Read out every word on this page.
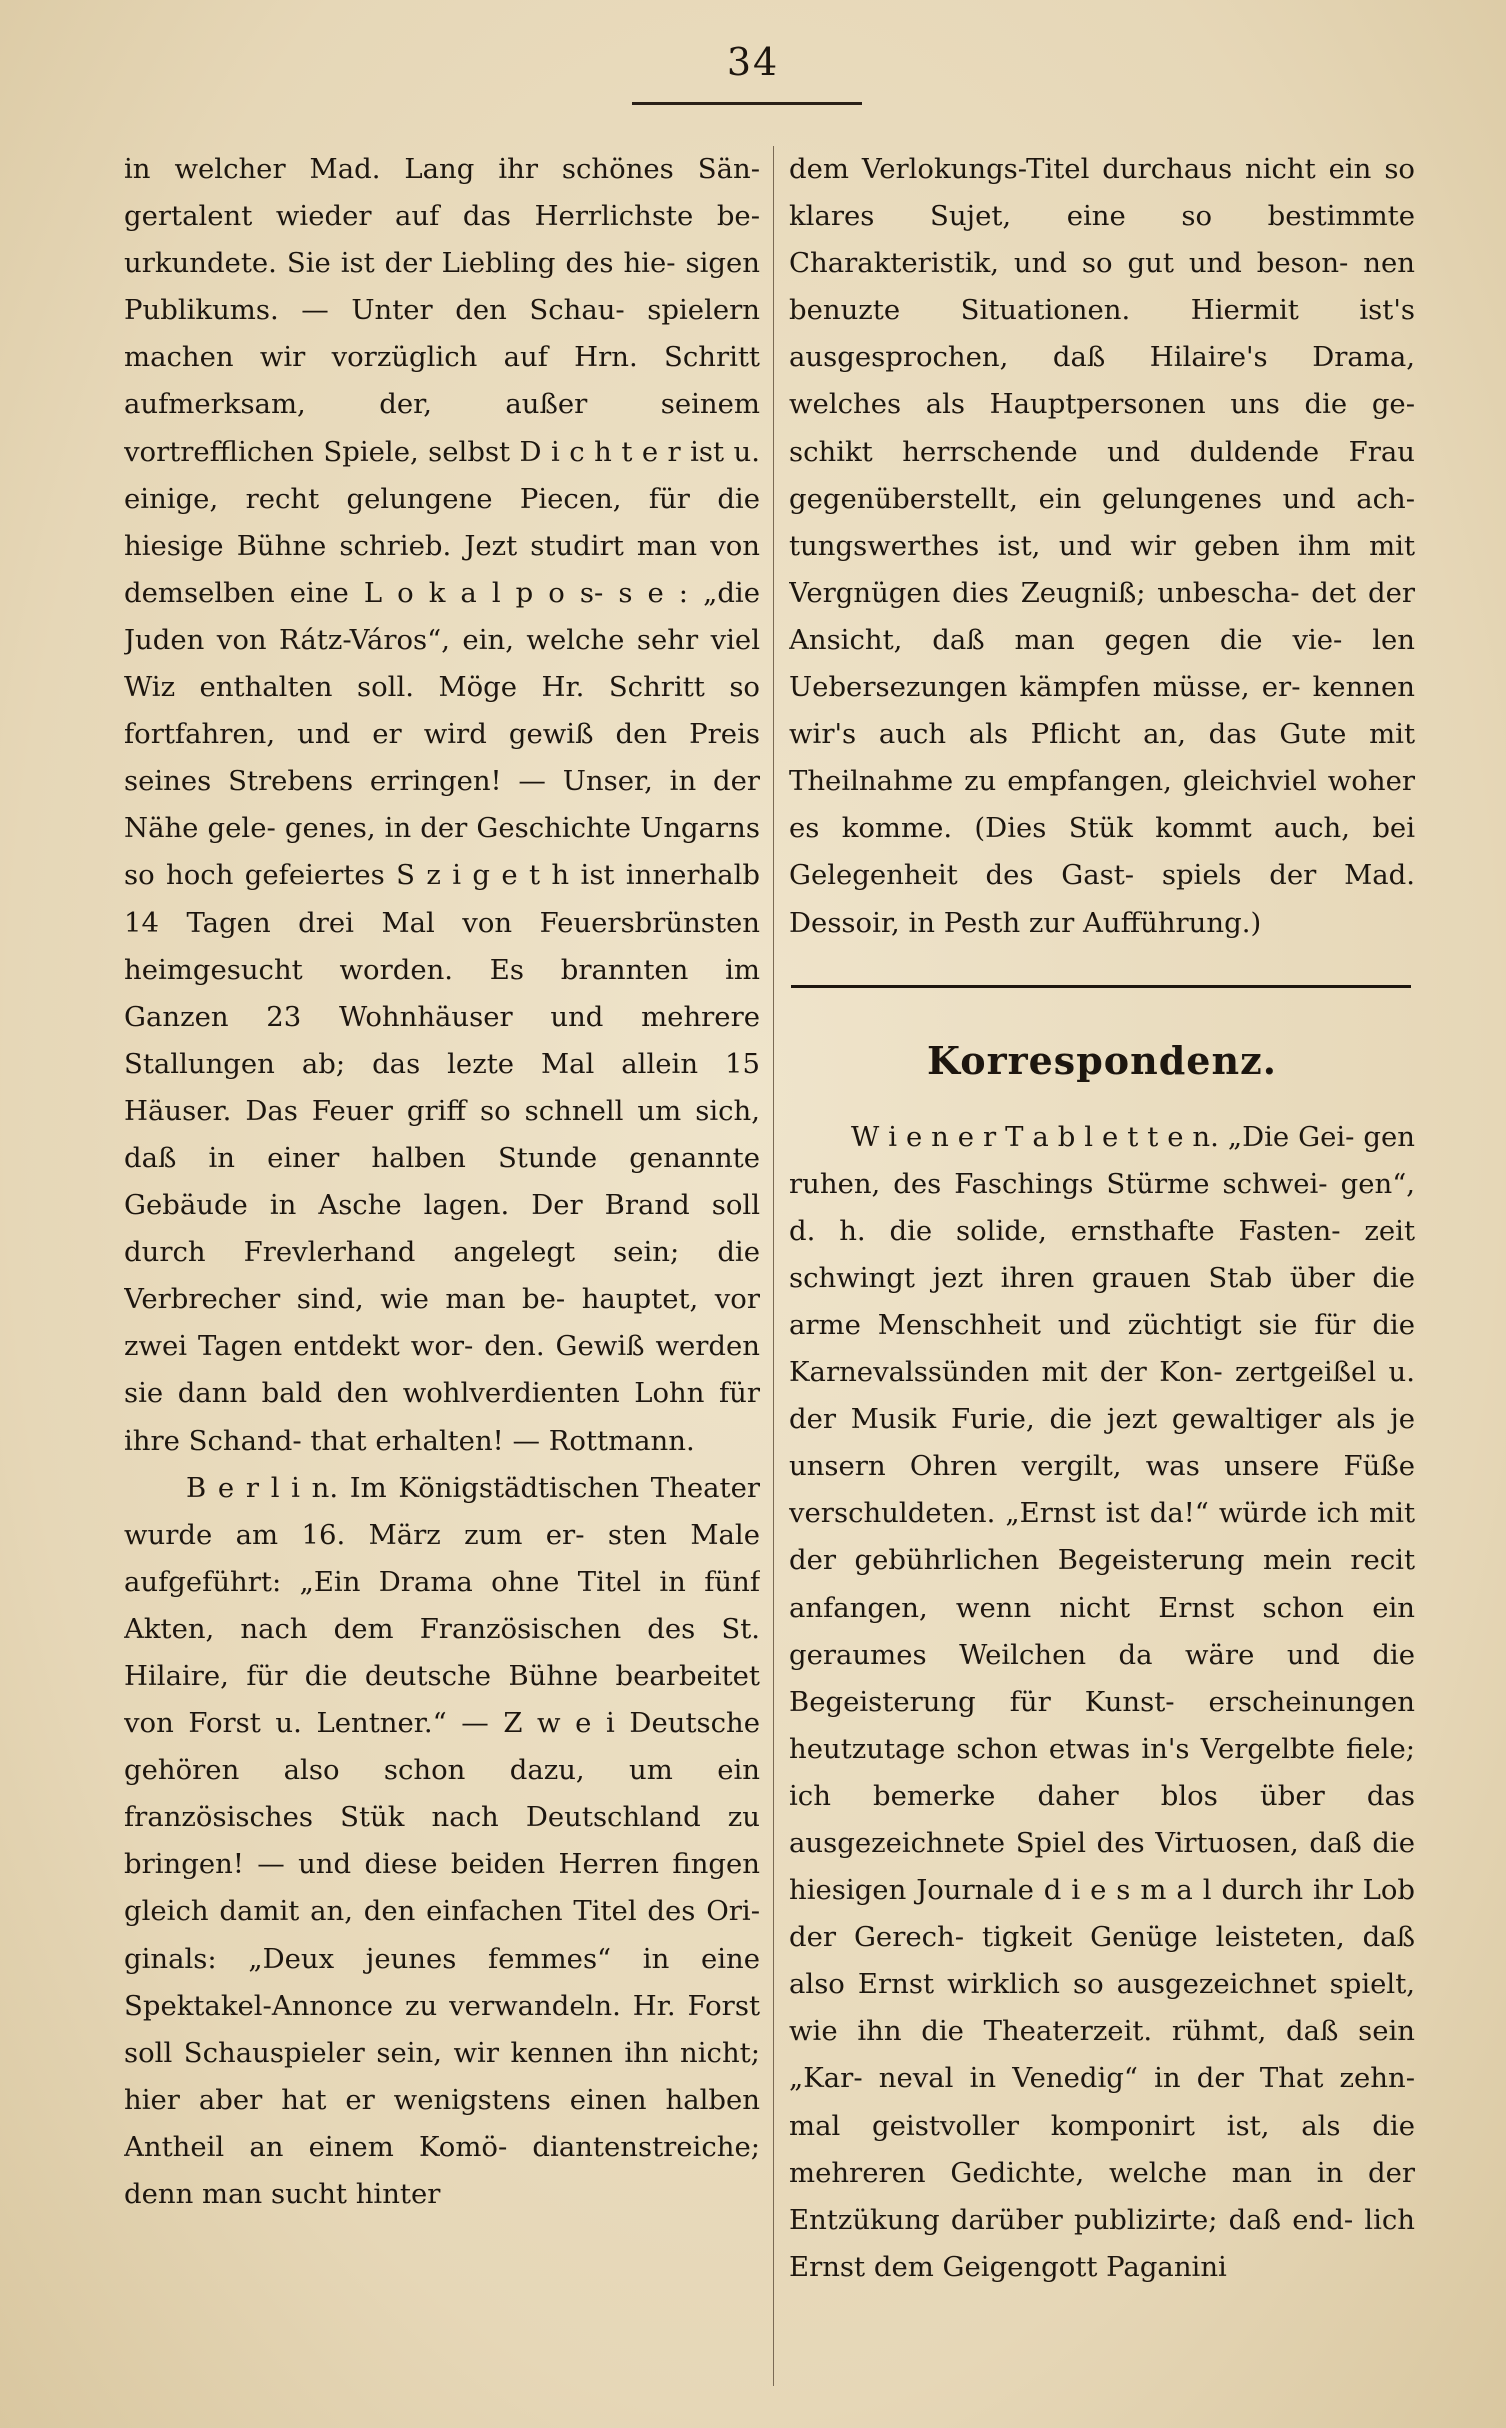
34

in welcher Mad. Lang ihr schönes Sän- gertalent wieder auf das Herrlichste be- urkundete. Sie ist der Liebling des hie- sigen Publikums. — Unter den Schau- spielern machen wir vorzüglich auf Hrn. Schritt aufmerksam, der, außer seinem vortrefflichen Spiele, selbst D i c h t e r ist u. einige, recht gelungene Piecen, für die hiesige Bühne schrieb. Jezt studirt man von demselben eine L o k a l p o s- s e : „die Juden von Rátz-Város“, ein, welche sehr viel Wiz enthalten soll. Möge Hr. Schritt so fortfahren, und er wird gewiß den Preis seines Strebens erringen! — Unser, in der Nähe gele- genes, in der Geschichte Ungarns so hoch gefeiertes S z i g e t h ist innerhalb 14 Tagen drei Mal von Feuersbrünsten heimgesucht worden. Es brannten im Ganzen 23 Wohnhäuser und mehrere Stallungen ab; das lezte Mal allein 15 Häuser. Das Feuer griff so schnell um sich, daß in einer halben Stunde genannte Gebäude in Asche lagen. Der Brand soll durch Frevlerhand angelegt sein; die Verbrecher sind, wie man be- hauptet, vor zwei Tagen entdekt wor- den. Gewiß werden sie dann bald den wohlverdienten Lohn für ihre Schand- that erhalten! — Rottmann.

B e r l i n. Im Königstädtischen Theater wurde am 16. März zum er- sten Male aufgeführt: „Ein Drama ohne Titel in fünf Akten, nach dem Französischen des St. Hilaire, für die deutsche Bühne bearbeitet von Forst u. Lentner.“ — Z w e i Deutsche gehören also schon dazu, um ein französisches Stük nach Deutschland zu bringen! — und diese beiden Herren fingen gleich damit an, den einfachen Titel des Ori- ginals: „Deux jeunes femmes“ in eine Spektakel-Annonce zu verwandeln. Hr. Forst soll Schauspieler sein, wir kennen ihn nicht; hier aber hat er wenigstens einen halben Antheil an einem Komö- diantenstreiche; denn man sucht hinter

dem Verlokungs-Titel durchaus nicht ein so klares Sujet, eine so bestimmte Charakteristik, und so gut und beson- nen benuzte Situationen. Hiermit ist's ausgesprochen, daß Hilaire's Drama, welches als Hauptpersonen uns die ge- schikt herrschende und duldende Frau gegenüberstellt, ein gelungenes und ach- tungswerthes ist, und wir geben ihm mit Vergnügen dies Zeugniß; unbescha- det der Ansicht, daß man gegen die vie- len Uebersezungen kämpfen müsse, er- kennen wir's auch als Pflicht an, das Gute mit Theilnahme zu empfangen, gleichviel woher es komme. (Dies Stük kommt auch, bei Gelegenheit des Gast- spiels der Mad. Dessoir, in Pesth zur Aufführung.)

Korrespondenz.

W i e n e r T a b l e t t e n. „Die Gei- gen ruhen, des Faschings Stürme schwei- gen“, d. h. die solide, ernsthafte Fasten- zeit schwingt jezt ihren grauen Stab über die arme Menschheit und züchtigt sie für die Karnevalssünden mit der Kon- zertgeißel u. der Musik Furie, die jezt gewaltiger als je unsern Ohren vergilt, was unsere Füße verschuldeten. „Ernst ist da!“ würde ich mit der gebührlichen Begeisterung mein recit anfangen, wenn nicht Ernst schon ein geraumes Weilchen da wäre und die Begeisterung für Kunst- erscheinungen heutzutage schon etwas in's Vergelbte fiele; ich bemerke daher blos über das ausgezeichnete Spiel des Virtuosen, daß die hiesigen Journale d i e s m a l durch ihr Lob der Gerech- tigkeit Genüge leisteten, daß also Ernst wirklich so ausgezeichnet spielt, wie ihn die Theaterzeit. rühmt, daß sein „Kar- neval in Venedig“ in der That zehn- mal geistvoller komponirt ist, als die mehreren Gedichte, welche man in der Entzükung darüber publizirte; daß end- lich Ernst dem Geigengott Paganini
